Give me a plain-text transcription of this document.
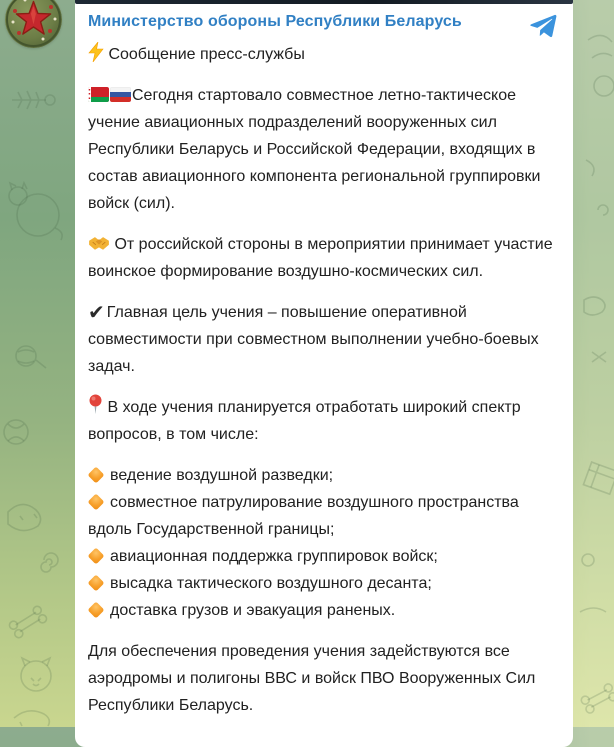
Министерство обороны Республики Беларусь
Сообщение пресс-службы
Сегодня стартовало совместное летно-тактическое учение авиационных подразделений вооруженных сил Республики Беларусь и Российской Федерации, входящих в состав авиационного компонента региональной группировки войск (сил).
От российской стороны в мероприятии принимает участие воинское формирование воздушно-космических сил.
✔ Главная цель учения – повышение оперативной совместимости при совместном выполнении учебно-боевых задач.
В ходе учения планируется отработать широкий спектр вопросов, в том числе:
ведение воздушной разведки;
совместное патрулирование воздушного пространства вдоль Государственной границы;
авиационная поддержка группировок войск;
высадка тактического воздушного десанта;
доставка грузов и эвакуация раненых.
Для обеспечения проведения учения задействуются все аэродромы и полигоны ВВС и войск ПВО Вооруженных Сил Республики Беларусь.
